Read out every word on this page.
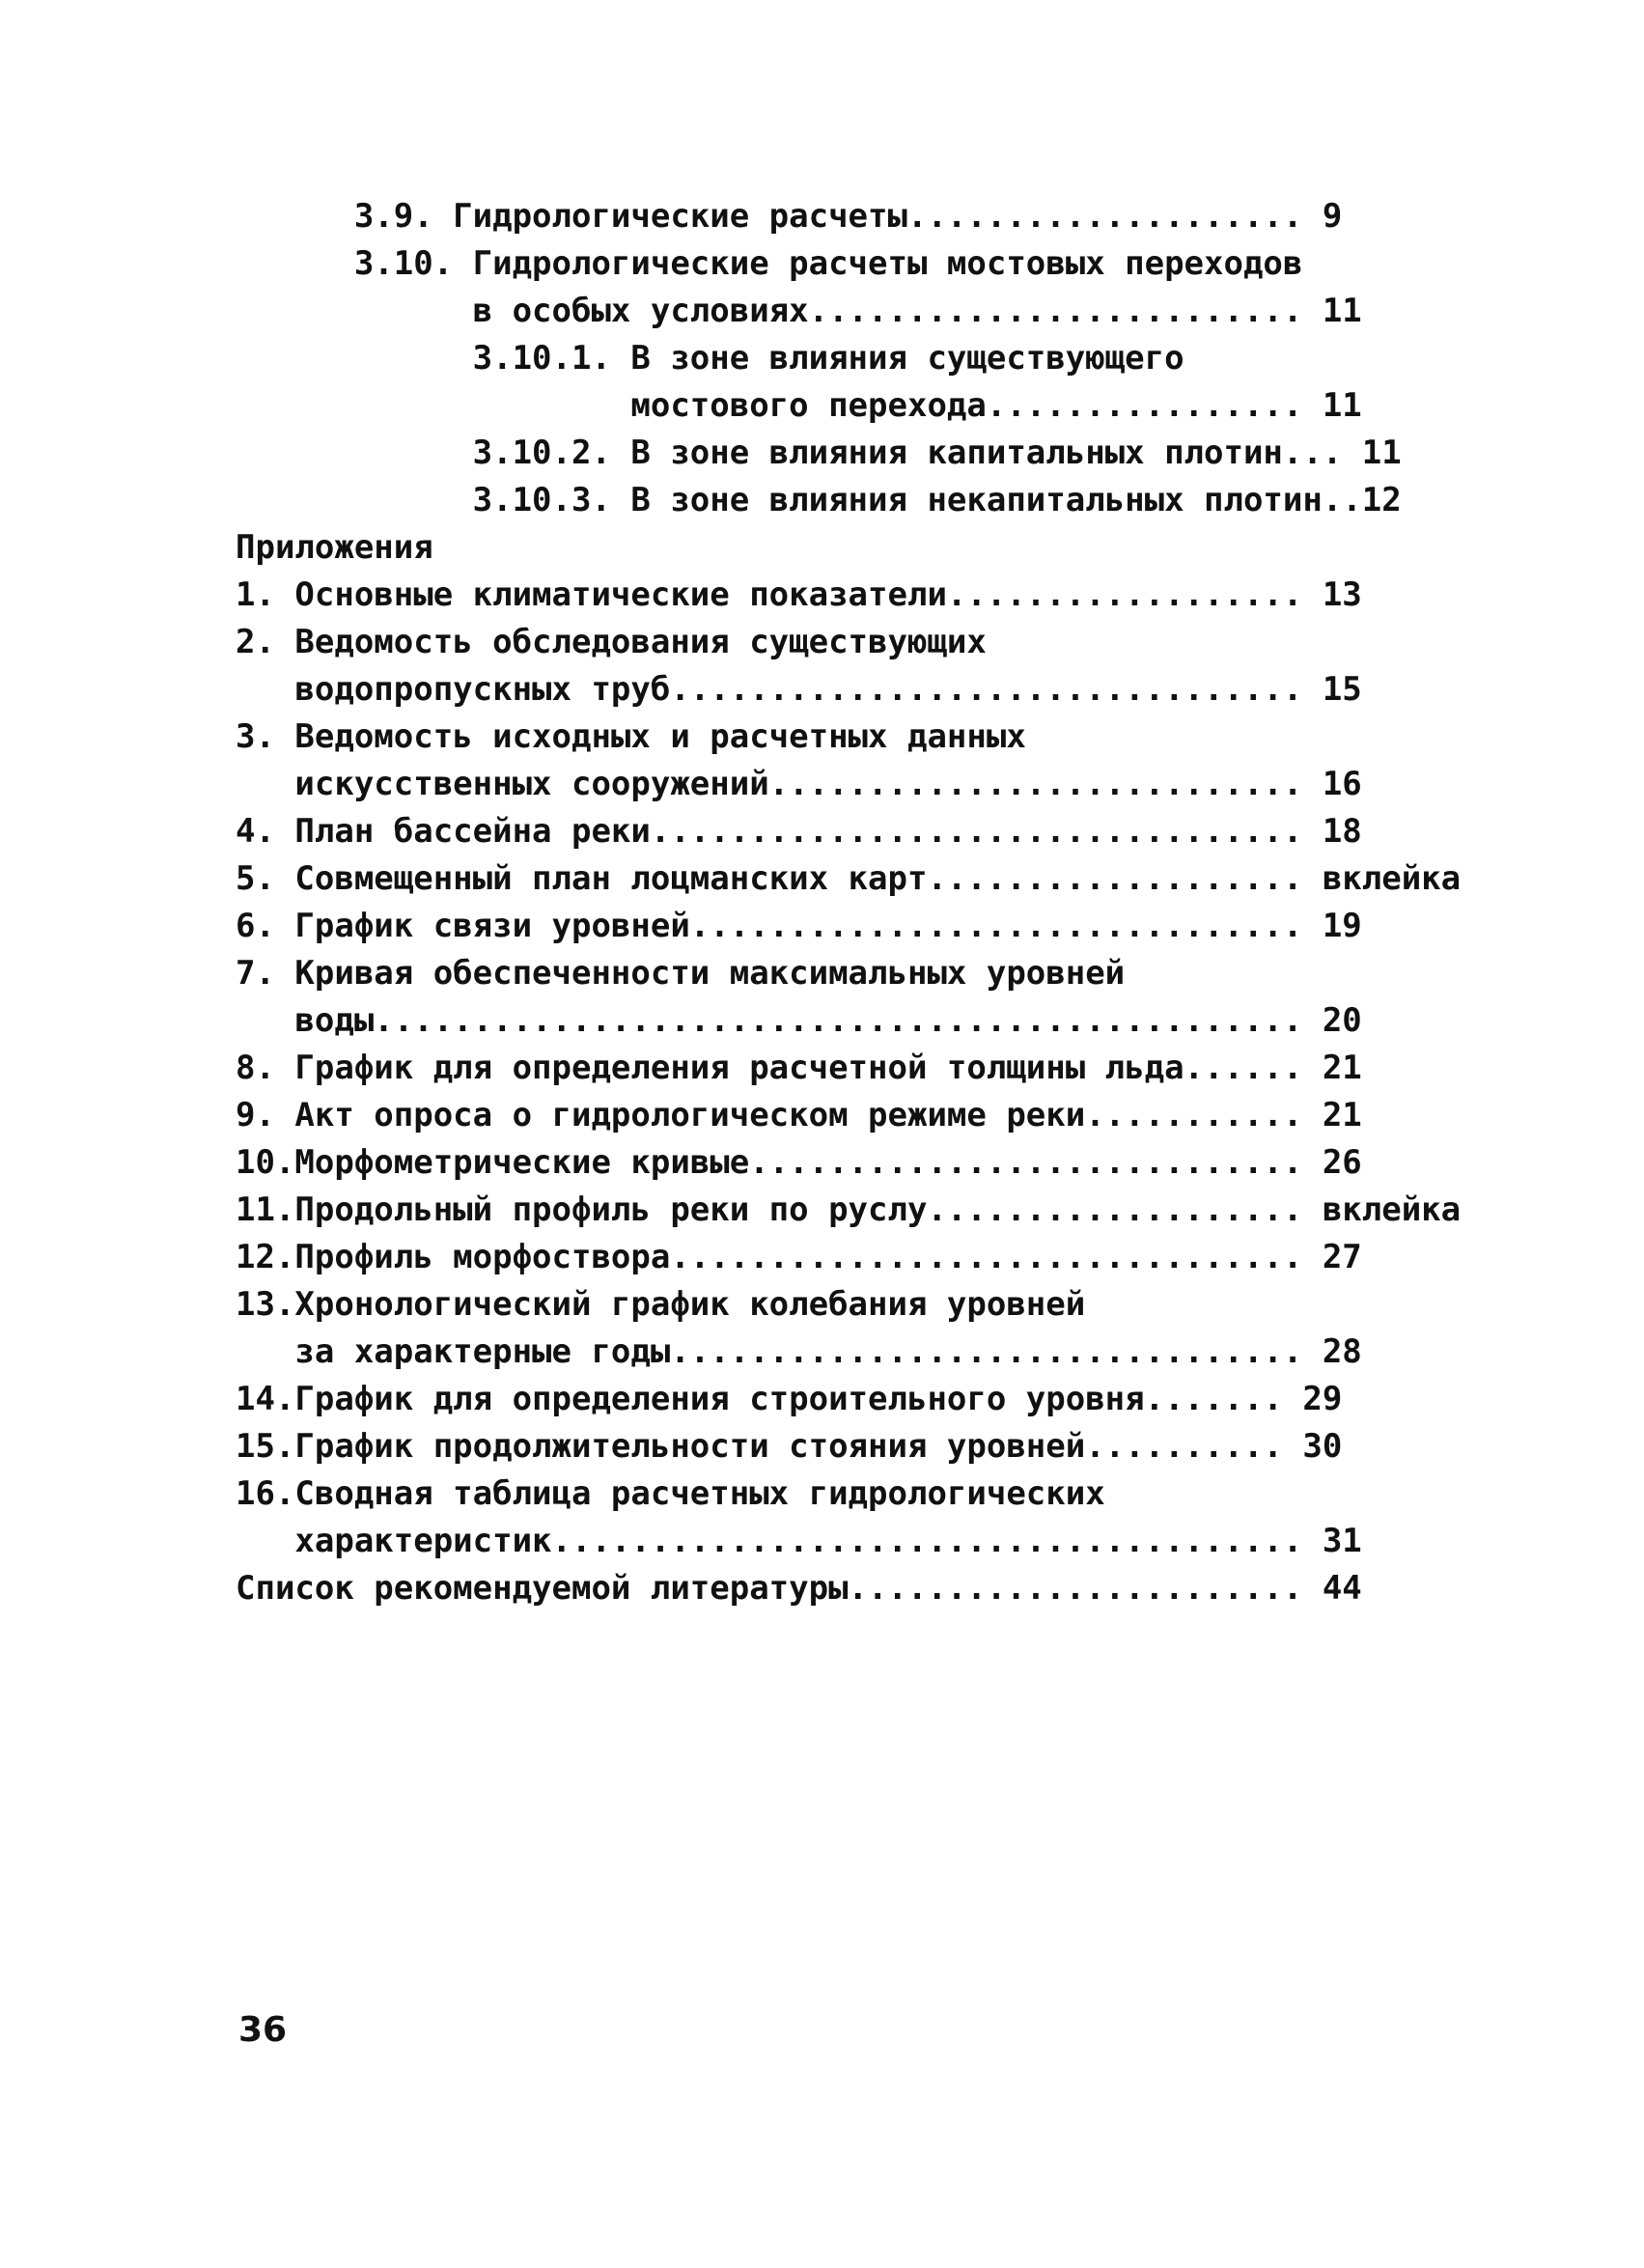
3.9. Гидрологические расчеты.................... 9
3.10. Гидрологические расчеты мостовых переходов
в особых условиях......................... 11
3.10.1. В зоне влияния существующего
мостового перехода................ 11
3.10.2. В зоне влияния капитальных плотин... 11
3.10.3. В зоне влияния некапитальных плотин..12
Приложения
1. Основные климатические показатели.................. 13
2. Ведомость обследования существующих
водопропускных труб................................ 15
3. Ведомость исходных и расчетных данных
искусственных сооружений........................... 16
4. План бассейна реки................................. 18
5. Совмещенный план лоцманских карт................... вклейка
6. График связи уровней............................... 19
7. Кривая обеспеченности максимальных уровней
воды............................................... 20
8. График для определения расчетной толщины льда...... 21
9. Акт опроса о гидрологическом режиме реки........... 21
10.Морфометрические кривые............................ 26
11.Продольный профиль реки по руслу................... вклейка
12.Профиль морфоствора................................ 27
13.Хронологический график колебания уровней
за характерные годы................................ 28
14.График для определения строительного уровня....... 29
15.График продолжительности стояния уровней.......... 30
16.Сводная таблица расчетных гидрологических
характеристик...................................... 31
Список рекомендуемой литературы....................... 44
36
